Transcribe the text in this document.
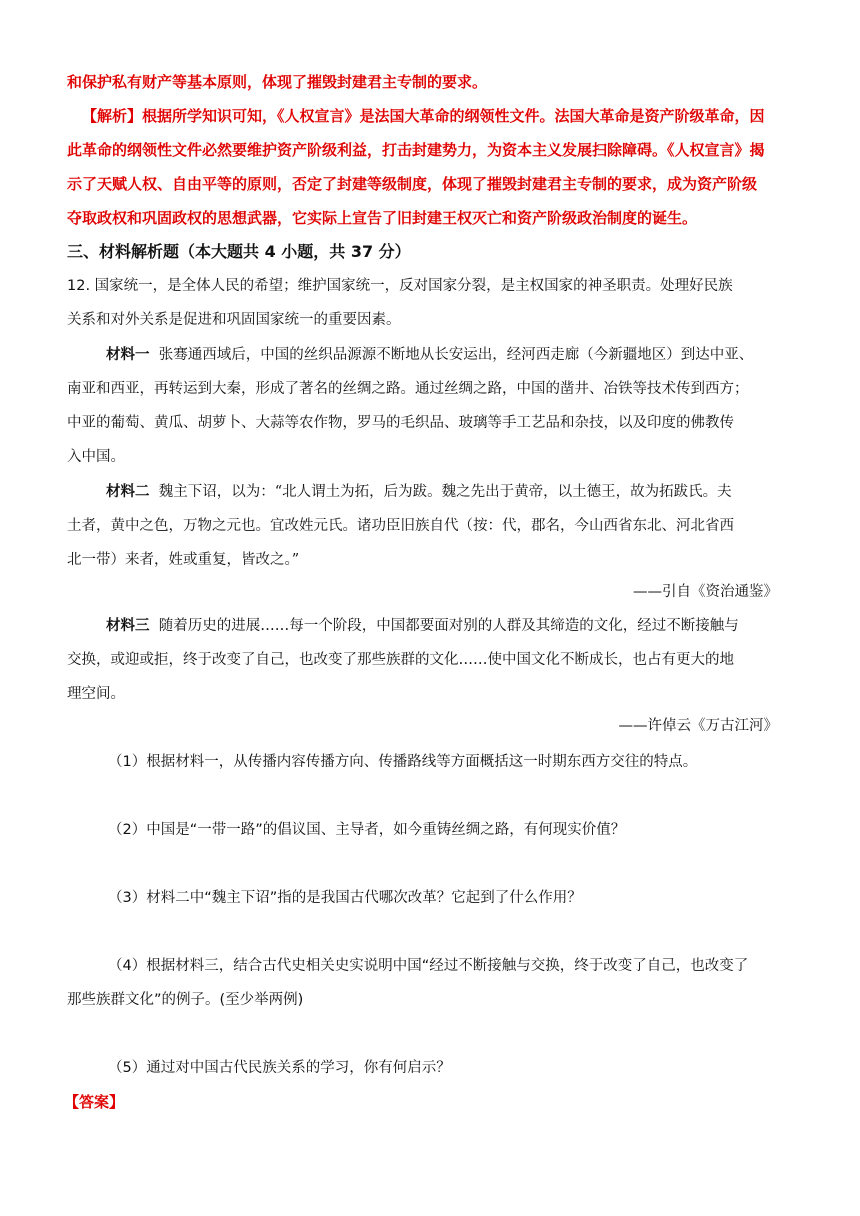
和保护私有财产等基本原则，体现了摧毁封建君主专制的要求。
【解析】根据所学知识可知，《人权宣言》是法国大革命的纲领性文件。法国大革命是资产阶级革命，因
此革命的纲领性文件必然要维护资产阶级利益，打击封建势力，为资本主义发展扫除障碍。《人权宣言》揭
示了天赋人权、自由平等的原则，否定了封建等级制度，体现了摧毁封建君主专制的要求，成为资产阶级
夺取政权和巩固政权的思想武器，它实际上宣告了旧封建王权灭亡和资产阶级政治制度的诞生。
三、材料解析题（本大题共 4 小题，共 37 分）
12. 国家统一，是全体人民的希望；维护国家统一，反对国家分裂，是主权国家的神圣职责。处理好民族
关系和对外关系是促进和巩固国家统一的重要因素。
材料一 张骞通西域后，中国的丝织品源源不断地从长安运出，经河西走廊（今新疆地区）到达中亚、
南亚和西亚，再转运到大秦，形成了著名的丝绸之路。通过丝绸之路，中国的凿井、冶铁等技术传到西方；
中亚的葡萄、黄瓜、胡萝卜、大蒜等农作物，罗马的毛织品、玻璃等手工艺品和杂技，以及印度的佛教传
入中国。
材料二 魏主下诏，以为：“北人谓土为拓，后为跋。魏之先出于黄帝，以土德王，故为拓跋氏。夫
土者，黄中之色，万物之元也。宜改姓元氏。诸功臣旧族自代（按：代，郡名，今山西省东北、河北省西
北一带）来者，姓或重复，皆改之。”
——引自《资治通鉴》
材料三 随着历史的进展……每一个阶段，中国都要面对别的人群及其缔造的文化，经过不断接触与
交换，或迎或拒，终于改变了自己，也改变了那些族群的文化……使中国文化不断成长，也占有更大的地
理空间。
——许倬云《万古江河》
（1）根据材料一，从传播内容传播方向、传播路线等方面概括这一时期东西方交往的特点。
（2）中国是“一带一路”的倡议国、主导者，如今重铸丝绸之路，有何现实价值？
（3）材料二中“魏主下诏”指的是我国古代哪次改革？它起到了什么作用？
（4）根据材料三，结合古代史相关史实说明中国“经过不断接触与交换，终于改变了自己，也改变了
那些族群文化”的例子。(至少举两例)
（5）通过对中国古代民族关系的学习，你有何启示？
【答案】
